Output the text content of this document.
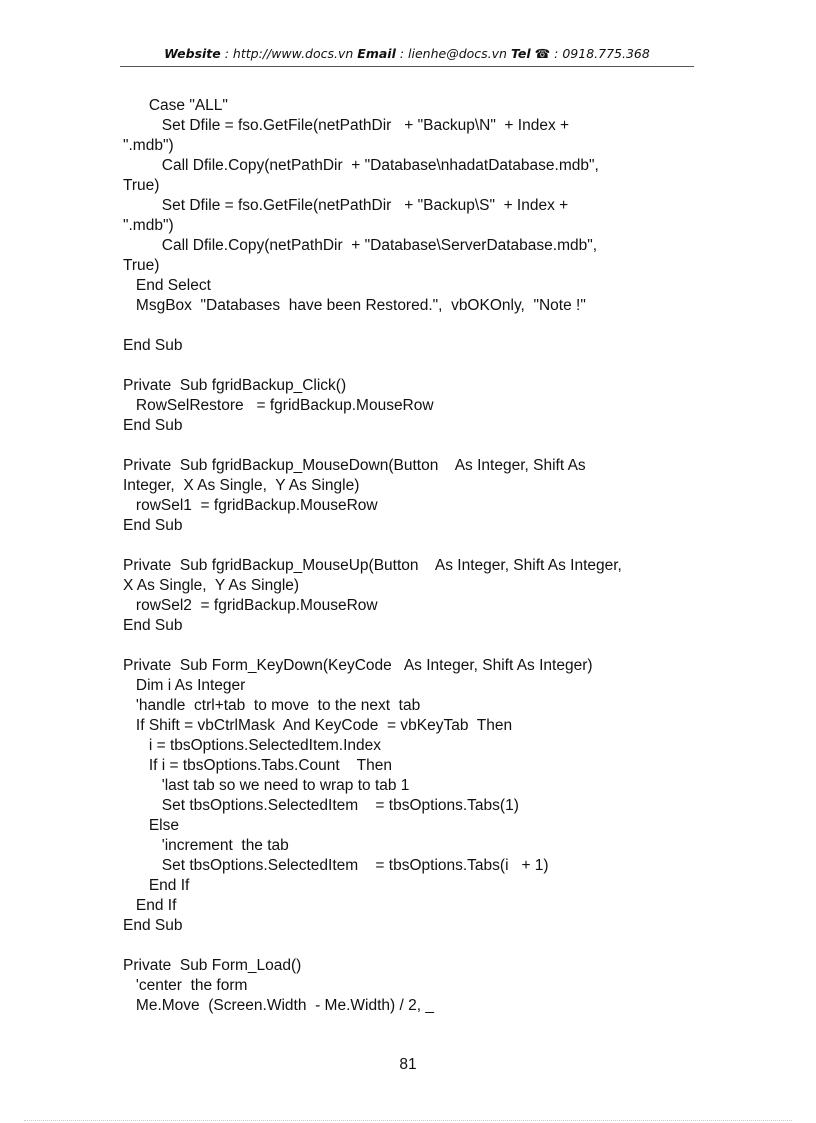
Website : http://www.docs.vn Email : lienhe@docs.vn Tel ☎ : 0918.775.368
Case "ALL"
Set Dfile = fso.GetFile(netPathDir   + "Backup\N"  + Index +
".mdb")
Call Dfile.Copy(netPathDir  + "Database\nhadatDatabase.mdb",
True)
Set Dfile = fso.GetFile(netPathDir   + "Backup\S"  + Index +
".mdb")
Call Dfile.Copy(netPathDir  + "Database\ServerDatabase.mdb",
True)
End Select
MsgBox  "Databases  have been Restored.",  vbOKOnly,  "Note !"

End Sub

Private  Sub fgridBackup_Click()
RowSelRestore   = fgridBackup.MouseRow
End Sub

Private  Sub fgridBackup_MouseDown(Button    As Integer, Shift As
Integer,  X As Single,  Y As Single)
rowSel1  = fgridBackup.MouseRow
End Sub

Private  Sub fgridBackup_MouseUp(Button    As Integer, Shift As Integer,
X As Single,  Y As Single)
rowSel2  = fgridBackup.MouseRow
End Sub

Private  Sub Form_KeyDown(KeyCode   As Integer, Shift As Integer)
Dim i As Integer
'handle  ctrl+tab  to move  to the next  tab
If Shift = vbCtrlMask  And KeyCode  = vbKeyTab  Then
i = tbsOptions.SelectedItem.Index
If i = tbsOptions.Tabs.Count    Then
'last tab so we need to wrap to tab 1
Set tbsOptions.SelectedItem    = tbsOptions.Tabs(1)
Else
'increment  the tab
Set tbsOptions.SelectedItem    = tbsOptions.Tabs(i   + 1)
End If
End If
End Sub

Private  Sub Form_Load()
'center  the form
Me.Move  (Screen.Width  - Me.Width) / 2, _
81
